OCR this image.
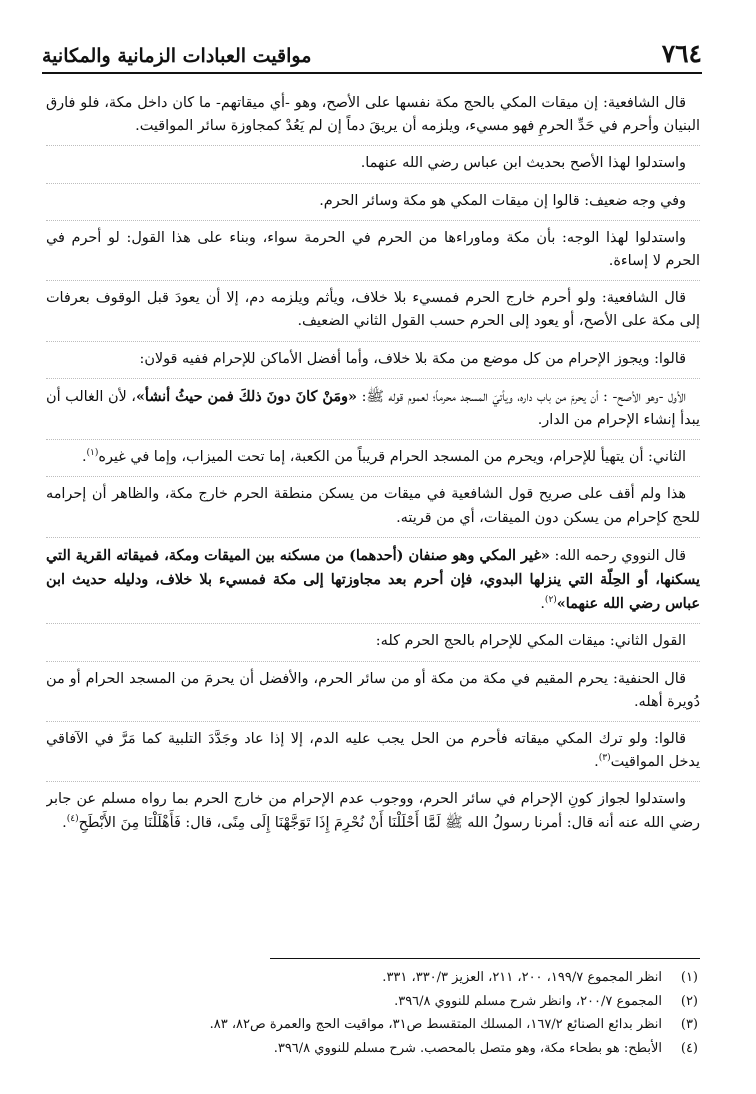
٧٦٤
مواقيت العبادات الزمانية والمكانية

قال الشافعية: إن ميقات المكي بالحج مكة نفسها على الأصح، وهو -أي ميقاتهم- ما كان داخل مكة، فلو فارق البنيان وأحرم في حَدِّ الحرمِ فهو مسيء، ويلزمه أن يريقَ دماً إن لم يَعُدْ كمجاوزة سائر المواقيت.

واستدلوا لهذا الأصح بحديث ابن عباس رضي الله عنهما.

وفي وجه ضعيف: قالوا إن ميقات المكي هو مكة وسائر الحرم.

واستدلوا لهذا الوجه: بأن مكة وماوراءها من الحرم في الحرمة سواء، وبناء على هذا القول: لو أحرم في الحرم لا إساءة.

قال الشافعية: ولو أحرم خارج الحرم فمسيء بلا خلاف، ويأثم ويلزمه دم، إلا أن يعودَ قبل الوقوف بعرفات إلى مكة على الأصح، أو يعود إلى الحرم حسب القول الثاني الضعيف.

قالوا: ويجوز الإحرام من كل موضع من مكة بلا خلاف، وأما أفضل الأماكن للإحرام ففيه قولان:

الأول -وهو الأصح- : أن يحرمَ من باب داره، ويأتيَ المسجد محرماً؛ لعموم قوله ﷺ: «ومَنْ كانَ دونَ ذلكَ فمن حيثُ أنشأ»، لأن الغالب أن يبدأ إنشاء الإحرام من الدار.

الثاني: أن يتهيأ للإحرام، ويحرم من المسجد الحرام قريباً من الكعبة، إما تحت الميزاب، وإما في غيره$^{(١)}$.

هذا ولم أقف على صريح قول الشافعية في ميقات من يسكن منطقة الحرم خارج مكة، والظاهر أن إحرامه للحج كإحرام من يسكن دون الميقات، أي من قريته.

قال النووي رحمه الله: «غير المكي وهو صنفان (أحدهما) من مسكنه بين الميقات ومكة، فميقاته القرية التي يسكنها، أو الحِلّة التي ينزلها البدوي، فإن أحرم بعد مجاوزتها إلى مكة فمسيء بلا خلاف، ودليله حديث ابن عباس رضي الله عنهما»$^{(٢)}$.

القول الثاني: ميقات المكي للإحرام بالحج الحرم كله:

قال الحنفية: يحرم المقيم في مكة من مكة أو من سائر الحرم، والأفضل أن يحرمَ من المسجد الحرام أو من دُويرة أهله.

قالوا: ولو ترك المكي ميقاته فأحرم من الحل يجب عليه الدم، إلا إذا عاد وجَدَّدَ التلبية كما مَرَّ في الآفاقي يدخل المواقيت$^{(٣)}$.

واستدلوا لجواز كونِ الإحرام في سائر الحرم، ووجوب عدم الإحرام من خارج الحرم بما رواه مسلم عن جابر رضي الله عنه أنه قال: أمرنا رسولُ الله ﷺ لَمَّا أَحْلَلْنَا أَنْ نُحْرِمَ إِذَا تَوَجَّهْنَا إِلَى مِنًى، قال: فَأَهْلَلْنَا مِنَ الأَبْطَحِ$^{(٤)}$.

(١)
انظر المجموع ١٩٩/٧، ٢٠٠، ٢١١، العزيز ٣٣٠/٣، ٣٣١.
(٢)
المجموع ٢٠٠/٧، وانظر شرح مسلم للنووي ٣٩٦/٨.
(٣)
انظر بدائع الصنائع ١٦٧/٢، المسلك المتقسط ص٣١، مواقيت الحج والعمرة ص٨٢، ٨٣.
(٤)
الأبطح: هو بطحاء مكة، وهو متصل بالمحصب. شرح مسلم للنووي ٣٩٦/٨.
